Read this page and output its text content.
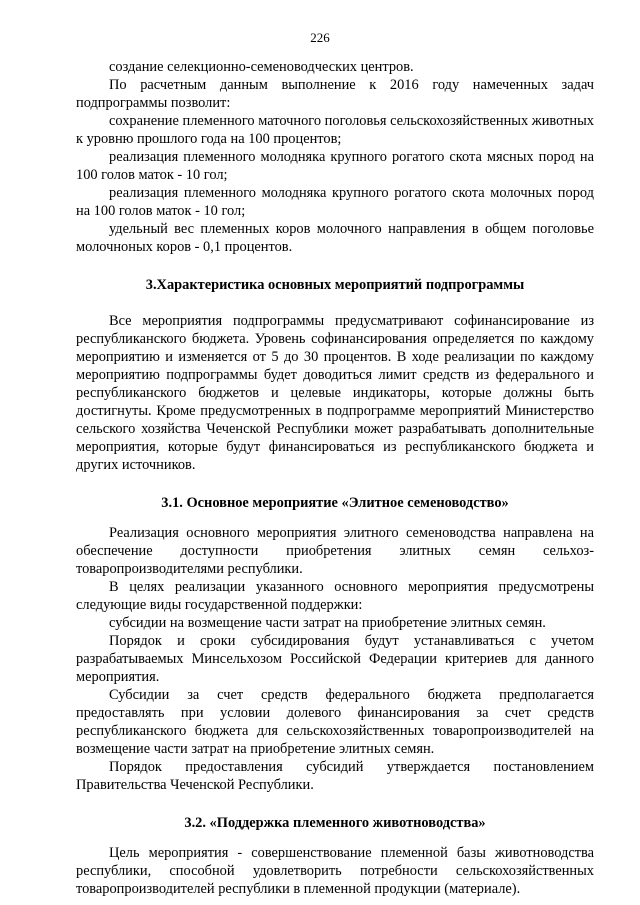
226

создание селекционно-семеноводческих центров.

По расчетным данным выполнение к 2016 году намеченных задач подпрограммы позволит:

сохранение племенного маточного поголовья сельскохозяйственных животных к уровню прошлого года на 100 процентов;

реализация племенного молодняка крупного рогатого скота мясных пород на 100 голов маток - 10 гол;

реализация племенного молодняка крупного рогатого скота молочных пород на 100 голов маток - 10 гол;

удельный вес племенных коров молочного направления в общем поголовье молочноных коров - 0,1 процентов.

3.Характеристика основных мероприятий подпрограммы

Все мероприятия подпрограммы предусматривают софинансирование из республиканского бюджета. Уровень софинансирования определяется по каждому мероприятию и изменяется от 5 до 30 процентов. В ходе реализации по каждому мероприятию подпрограммы будет доводиться лимит средств из федерального и республиканского бюджетов и целевые индикаторы, которые должны быть достигнуты. Кроме предусмотренных в подпрограмме мероприятий Министерство сельского хозяйства Чеченской Республики может разрабатывать дополнительные мероприятия, которые будут финансироваться из республиканского бюджета и других источников.

3.1. Основное мероприятие «Элитное семеноводство»

Реализация основного мероприятия элитного семеноводства направлена на обеспечение доступности приобретения элитных семян сельхоз-товаропроизводителями республики.

В целях реализации указанного основного мероприятия предусмотрены следующие виды государственной поддержки:

субсидии на возмещение части затрат на приобретение элитных семян.

Порядок и сроки субсидирования будут устанавливаться с учетом разрабатываемых Минсельхозом Российской Федерации критериев для данного мероприятия.

Субсидии за счет средств федерального бюджета предполагается предоставлять при условии долевого финансирования за счет средств республиканского бюджета для сельскохозяйственных товаропроизводителей на возмещение части затрат на приобретение элитных семян.

Порядок предоставления субсидий утверждается постановлением Правительства Чеченской Республики.

3.2. «Поддержка племенного животноводства»

Цель мероприятия - совершенствование племенной базы животноводства республики, способной удовлетворить потребности сельскохозяйственных товаропроизводителей республики в племенной продукции (материале).
